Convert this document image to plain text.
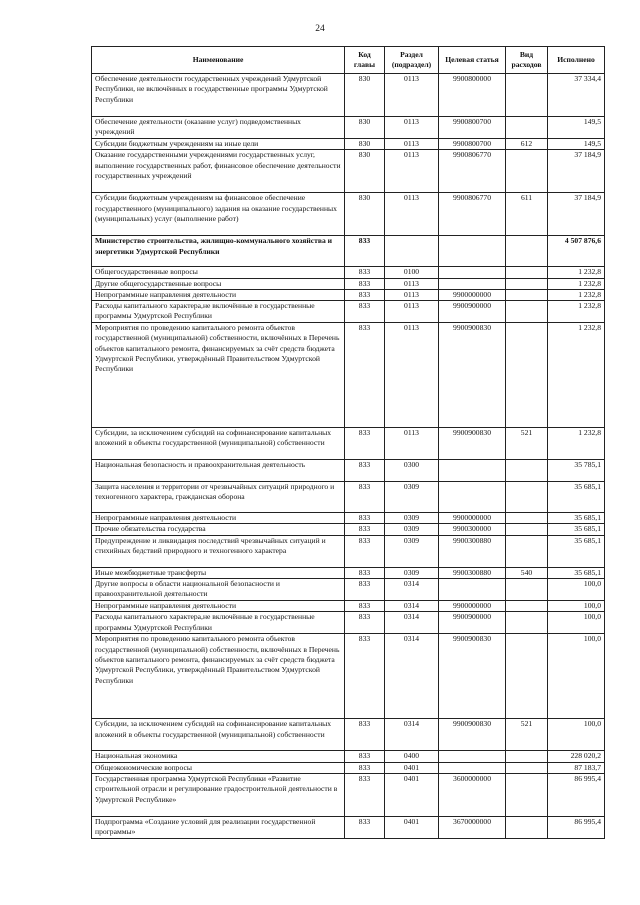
24
Наименование	Код главы	Раздел (подраздел)	Целевая статья	Вид расходов	Исполнено
Обеспечение деятельности государственных учреждений Удмуртской Республики, не включённых в государственные программы Удмуртской Республики	830	0113	9900800000		37 334,4
Обеспечение деятельности (оказание услуг) подведомственных учреждений	830	0113	9900800700		149,5
Субсидии бюджетным учреждениям на иные цели	830	0113	9900800700	612	149,5
Оказание государственными учреждениями государственных услуг, выполнение государственных работ, финансовое обеспечение деятельности государственных учреждений	830	0113	9900806770		37 184,9
Субсидии бюджетным учреждениям на финансовое обеспечение государственного (муниципального) задания на оказание государственных (муниципальных) услуг (выполнение работ)	830	0113	9900806770	611	37 184,9
Министерство строительства, жилищно-коммунального хозяйства и энергетики Удмуртской Республики	833				4 507 876,6
Общегосударственные вопросы	833	0100			1 232,8
Другие общегосударственные вопросы	833	0113			1 232,8
Непрограммные направления деятельности	833	0113	9900000000		1 232,8
Расходы капитального характера,не включённые в государственные программы Удмуртской Республики	833	0113	9900900000		1 232,8
Мероприятия по проведению капитального ремонта объектов государственной (муниципальной) собственности, включённых в Перечень объектов капитального ремонта, финансируемых за счёт средств бюджета Удмуртской Республики, утверждённый Правительством Удмуртской Республики	833	0113	9900900830		1 232,8
Субсидии, за исключением субсидий на софинансирование капитальных вложений в объекты государственной (муниципальной) собственности	833	0113	9900900830	521	1 232,8
Национальная безопасность и правоохранительная деятельность	833	0300			35 785,1
Защита населения и территории от чрезвычайных ситуаций природного и техногенного характера, гражданская оборона	833	0309			35 685,1
Непрограммные направления деятельности	833	0309	9900000000		35 685,1
Прочие обязательства государства	833	0309	9900300000		35 685,1
Предупреждение и ликвидация последствий чрезвычайных ситуаций и стихийных бедствий природного и техногенного характера	833	0309	9900300880		35 685,1
Иные межбюджетные трансферты	833	0309	9900300880	540	35 685,1
Другие вопросы в области национальной безопасности и правоохранительной деятельности	833	0314			100,0
Непрограммные направления деятельности	833	0314	9900000000		100,0
Расходы капитального характера,не включённые в государственные программы Удмуртской Республики	833	0314	9900900000		100,0
Мероприятия по проведению капитального ремонта объектов государственной (муниципальной) собственности, включённых в Перечень объектов капитального ремонта, финансируемых за счёт средств бюджета Удмуртской Республики, утверждённый Правительством Удмуртской Республики	833	0314	9900900830		100,0
Субсидии, за исключением субсидий на софинансирование капитальных вложений в объекты государственной (муниципальной) собственности	833	0314	9900900830	521	100,0
Национальная экономика	833	0400			228 020,2
Общеэкономические вопросы	833	0401			87 183,7
Государственная программа Удмуртской Республики «Развитие строительной отрасли и регулирование градостроительной деятельности в Удмуртской Республике»	833	0401	3600000000		86 995,4
Подпрограмма «Создание условий для реализации государственной программы»	833	0401	3670000000		86 995,4
